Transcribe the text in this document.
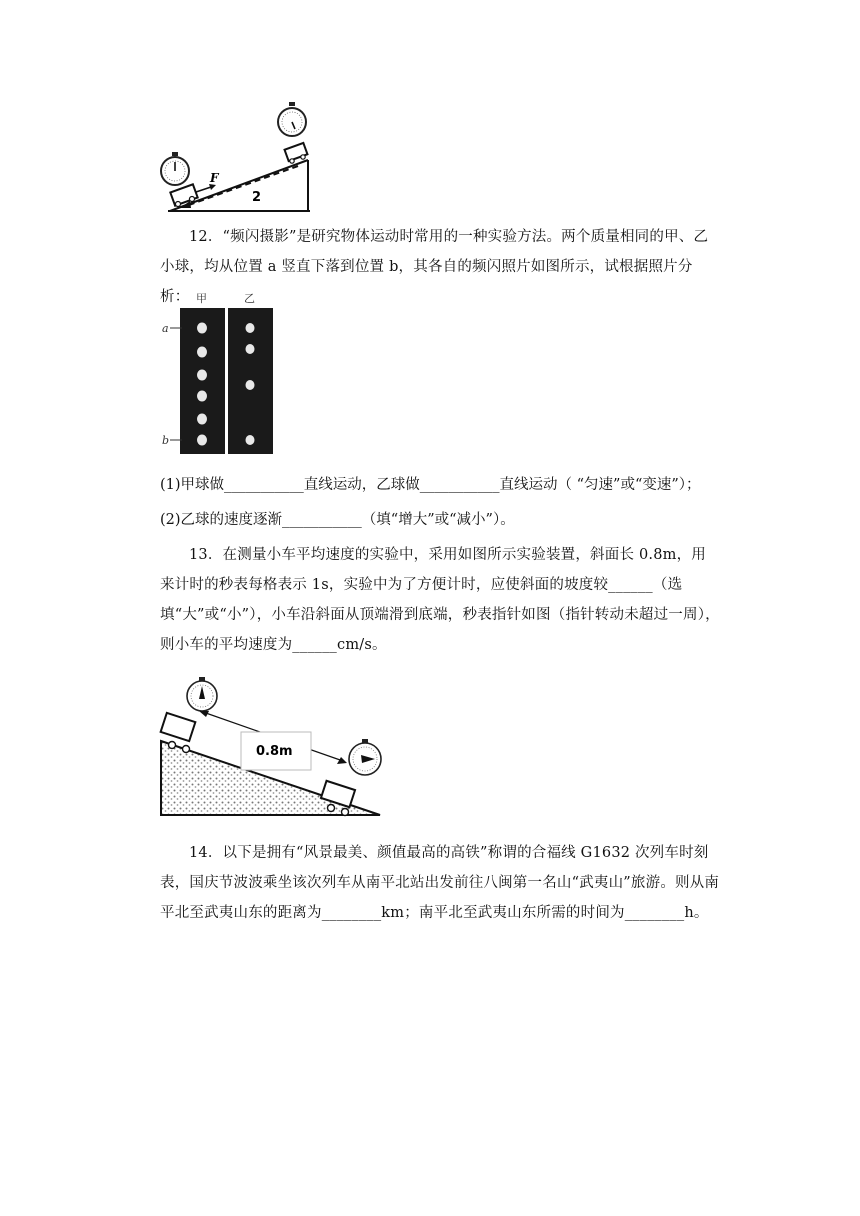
F
2
12．“频闪摄影”是研究物体运动时常用的一种实验方法。两个质量相同的甲、乙小球，均从位置 a 竖直下落到位置 b，其各自的频闪照片如图所示，试根据照片分析： 甲	乙
a
b
(1)甲球做___________直线运动，乙球做___________直线运动（ “匀速”或“变速”）；
(2)乙球的速度逐渐___________（填“增大”或“减小”）。
13．在测量小车平均速度的实验中，采用如图所示实验装置，斜面长 0.8m，用来计时的秒表每格表示 1s，实验中为了方便计时，应使斜面的坡度较______（选填“大”或“小”），小车沿斜面从顶端滑到底端，秒表指针如图（指针转动未超过一周），则小车的平均速度为______cm/s。
0.8m
14．以下是拥有“风景最美、颜值最高的高铁”称谓的合福线 G1632 次列车时刻表，国庆节波波乘坐该次列车从南平北站出发前往八闽第一名山“武夷山”旅游。则从南平北至武夷山东的距离为________km；南平北至武夷山东所需的时间为________h。
